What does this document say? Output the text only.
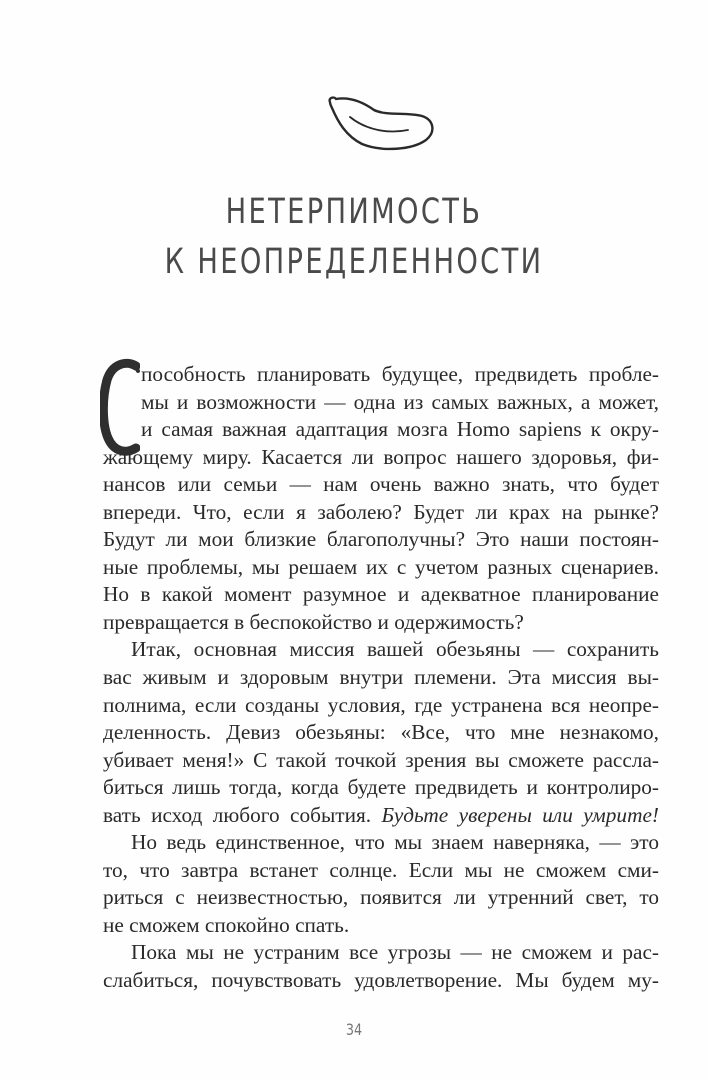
НЕТЕРПИМОСТЬ
К НЕОПРЕДЕЛЕННОСТИ
пособность планировать будущее, предвидеть пробле-
мы и возможности — одна из самых важных, а может,
и самая важная адаптация мозга Homo sapiens к окру-
жающему миру. Касается ли вопрос нашего здоровья, фи-
нансов или семьи — нам очень важно знать, что будет
впереди. Что, если я заболею? Будет ли крах на рынке?
Будут ли мои близкие благополучны? Это наши постоян-
ные проблемы, мы решаем их с учетом разных сценариев.
Но в какой момент разумное и адекватное планирование
превращается в беспокойство и одержимость?
Итак, основная миссия вашей обезьяны — сохранить
вас живым и здоровым внутри племени. Эта миссия вы-
полнима, если созданы условия, где устранена вся неопре-
деленность. Девиз обезьяны: «Все, что мне незнакомо,
убивает меня!» С такой точкой зрения вы сможете рассла-
биться лишь тогда, когда будете предвидеть и контролиро-
вать исход любого события. Будьте уверены или умрите!
Но ведь единственное, что мы знаем наверняка, — это
то, что завтра встанет солнце. Если мы не сможем сми-
риться с неизвестностью, появится ли утренний свет, то
не сможем спокойно спать.
Пока мы не устраним все угрозы — не сможем и рас-
слабиться, почувствовать удовлетворение. Мы будем му-
34
